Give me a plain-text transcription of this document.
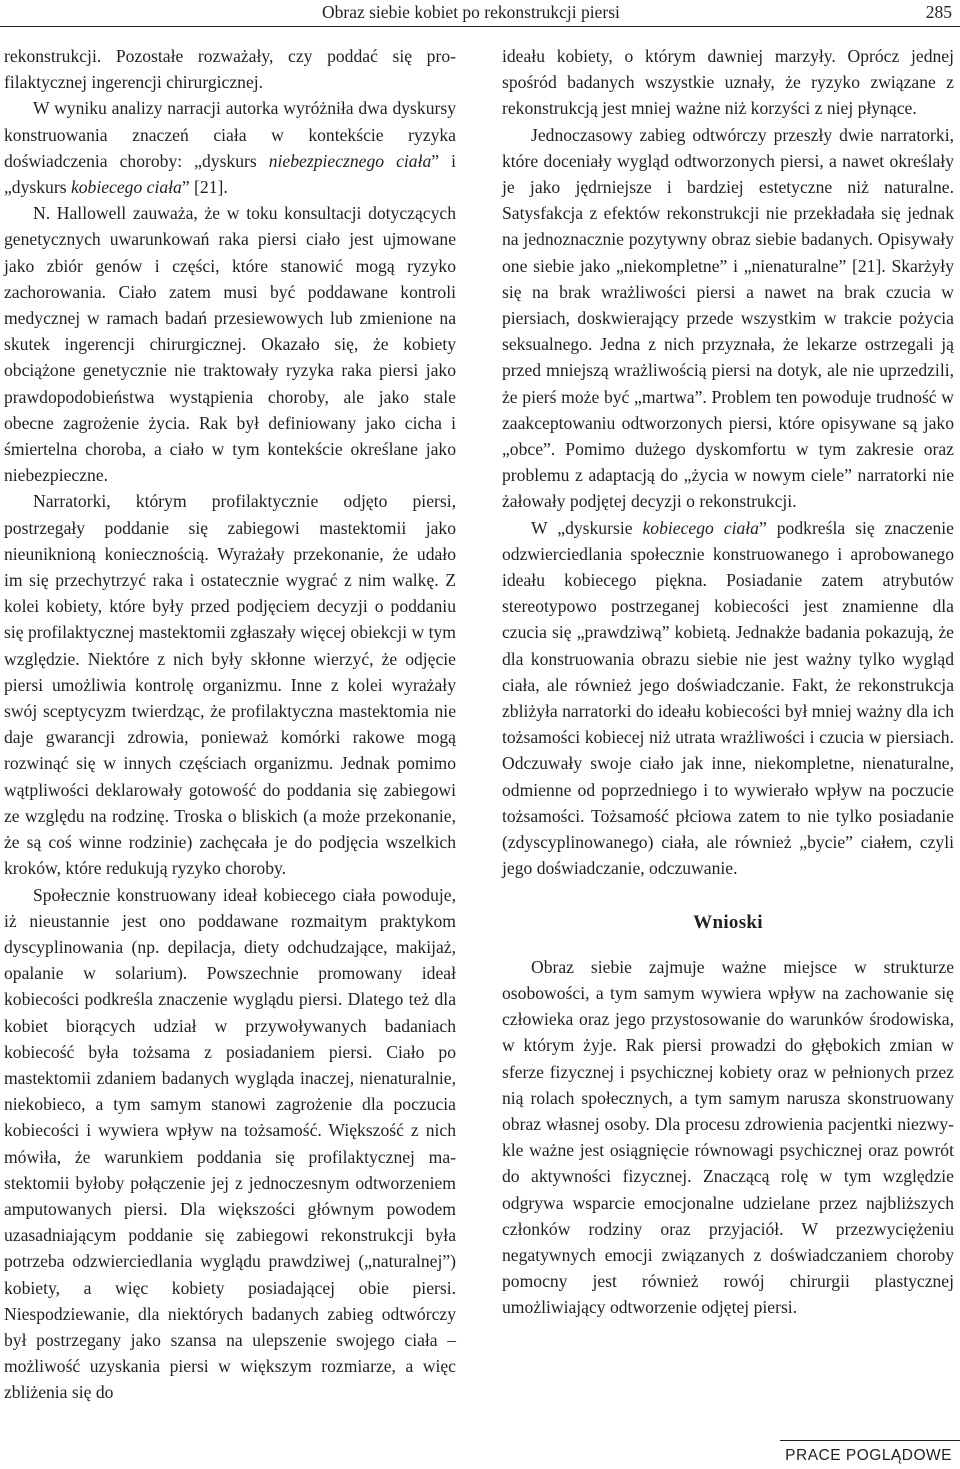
Obraz siebie kobiet po rekonstrukcji piersi	285

rekonstrukcji. Pozostałe rozważały, czy poddać się profilaktycznej ingerencji chirurgicznej.

W wyniku analizy narracji autorka wyróżniła dwa dyskursy konstruowania znaczeń ciała w kontekście ryzyka doświadczenia choroby: „dyskurs niebezpiecznego ciała” i „dyskurs kobiecego ciała” [21].

N. Hallowell zauważa, że w toku konsultacji dotyczących genetycznych uwarunkowań raka piersi ciało jest ujmowane jako zbiór genów i części, które stanowić mogą ryzyko zachorowania. Ciało zatem musi być poddawane kontroli medycznej w ramach badań przesiewowych lub zmienione na skutek ingerencji chirurgicznej. Okazało się, że kobiety obciążone genetycznie nie traktowały ryzyka raka piersi jako prawdopodobieństwa wystąpienia choroby, ale jako stale obecne zagrożenie życia. Rak był definiowany jako cicha i śmiertelna choroba, a ciało w tym kontekście określane jako niebezpieczne.

Narratorki, którym profilaktycznie odjęto piersi, postrzegały poddanie się zabiegowi mastektomii jako nieuniknioną koniecznością. Wyrażały przekonanie, że udało im się przechytrzyć raka i ostatecznie wygrać z nim walkę. Z kolei kobiety, które były przed podjęciem decyzji o poddaniu się profilaktycznej mastektomii zgłaszały więcej obiekcji w tym względzie. Niektóre z nich były skłonne wierzyć, że odjęcie piersi umożliwia kontrolę organizmu. Inne z kolei wyrażały swój sceptycyzm twierdząc, że profilaktyczna mastektomia nie daje gwarancji zdrowia, ponieważ komórki rakowe mogą rozwinąć się w innych częściach organizmu. Jednak pomimo wątpliwości deklarowały gotowość do poddania się zabiegowi ze względu na rodzinę. Troska o bliskich (a może przekonanie, że są coś winne rodzinie) zachęcała je do podjęcia wszelkich kroków, które redukują ryzyko choroby.

Społecznie konstruowany ideał kobiecego ciała powoduje, iż nieustannie jest ono poddawane rozmaitym praktykom dyscyplinowania (np. depilacja, diety odchudzające, makijaż, opalanie w solarium). Powszechnie promowany ideał kobiecości podkreśla znaczenie wyglądu piersi. Dlatego też dla kobiet biorących udział w przywoływanych badaniach kobiecość była tożsama z posiadaniem piersi. Ciało po mastektomii zdaniem badanych wygląda inaczej, nienaturalnie, niekobieco, a tym samym stanowi zagrożenie dla poczucia kobiecości i wywiera wpływ na tożsamość. Większość z nich mówiła, że warunkiem poddania się profilaktycznej mastektomii byłoby połączenie jej z jednoczesnym odtworzeniem amputowanych piersi. Dla większości głównym powodem uzasadniającym poddanie się zabiegowi rekonstrukcji była potrzeba odzwierciedlania wyglądu prawdziwej („naturalnej”) kobiety, a więc kobiety posiadającej obie piersi. Niespodziewanie, dla niektórych badanych zabieg odtwórczy był postrzegany jako szansa na ulepszenie swojego ciała – możliwość uzyskania piersi w większym rozmiarze, a więc zbliżenia się do

ideału kobiety, o którym dawniej marzyły. Oprócz jednej spośród badanych wszystkie uznały, że ryzyko związane z rekonstrukcją jest mniej ważne niż korzyści z niej płynące.

Jednoczasowy zabieg odtwórczy przeszły dwie narratorki, które doceniały wygląd odtworzonych piersi, a nawet określały je jako jędrniejsze i bardziej estetyczne niż naturalne. Satysfakcja z efektów rekonstrukcji nie przekładała się jednak na jednoznacznie pozytywny obraz siebie badanych. Opisywały one siebie jako „niekompletne” i „nienaturalne” [21]. Skarżyły się na brak wrażliwości piersi a nawet na brak czucia w piersiach, doskwierający przede wszystkim w trakcie pożycia seksualnego. Jedna z nich przyznała, że lekarze ostrzegali ją przed mniejszą wrażliwością piersi na dotyk, ale nie uprzedzili, że pierś może być „martwa”. Problem ten powoduje trudność w zaakceptowaniu odtworzonych piersi, które opisywane są jako „obce”. Pomimo dużego dyskomfortu w tym zakresie oraz problemu z adaptacją do „życia w nowym ciele” narratorki nie żałowały podjętej decyzji o rekonstrukcji.

W „dyskursie kobiecego ciała” podkreśla się znaczenie odzwierciedlania społecznie konstruowanego i aprobowanego ideału kobiecego piękna. Posiadanie zatem atrybutów stereotypowo postrzeganej kobiecości jest znamienne dla czucia się „prawdziwą” kobietą. Jednakże badania pokazują, że dla konstruowania obrazu siebie nie jest ważny tylko wygląd ciała, ale również jego doświadczanie. Fakt, że rekonstrukcja zbliżyła narratorki do ideału kobiecości był mniej ważny dla ich tożsamości kobiecej niż utrata wrażliwości i czucia w piersiach. Odczuwały swoje ciało jak inne, niekompletne, nienaturalne, odmienne od poprzedniego i to wywierało wpływ na poczucie tożsamości. Tożsamość płciowa zatem to nie tylko posiadanie (zdyscyplinowanego) ciała, ale również „bycie” ciałem, czyli jego doświadczanie, odczuwanie.

Wnioski

Obraz siebie zajmuje ważne miejsce w strukturze osobowości, a tym samym wywiera wpływ na zachowanie się człowieka oraz jego przystosowanie do warunków środowiska, w którym żyje. Rak piersi prowadzi do głębokich zmian w sferze fizycznej i psychicznej kobiety oraz w pełnionych przez nią rolach społecznych, a tym samym narusza skonstruowany obraz własnej osoby. Dla procesu zdrowienia pacjentki niezwykle ważne jest osiągnięcie równowagi psychicznej oraz powrót do aktywności fizycznej. Znaczącą rolę w tym względzie odgrywa wsparcie emocjonalne udzielane przez najbliższych członków rodziny oraz przyjaciół. W przezwyciężeniu negatywnych emocji związanych z doświadczaniem choroby pomocny jest również rowój chirurgii plastycznej umożliwiający odtworzenie odjętej piersi.

PRACE POGLĄDOWE
